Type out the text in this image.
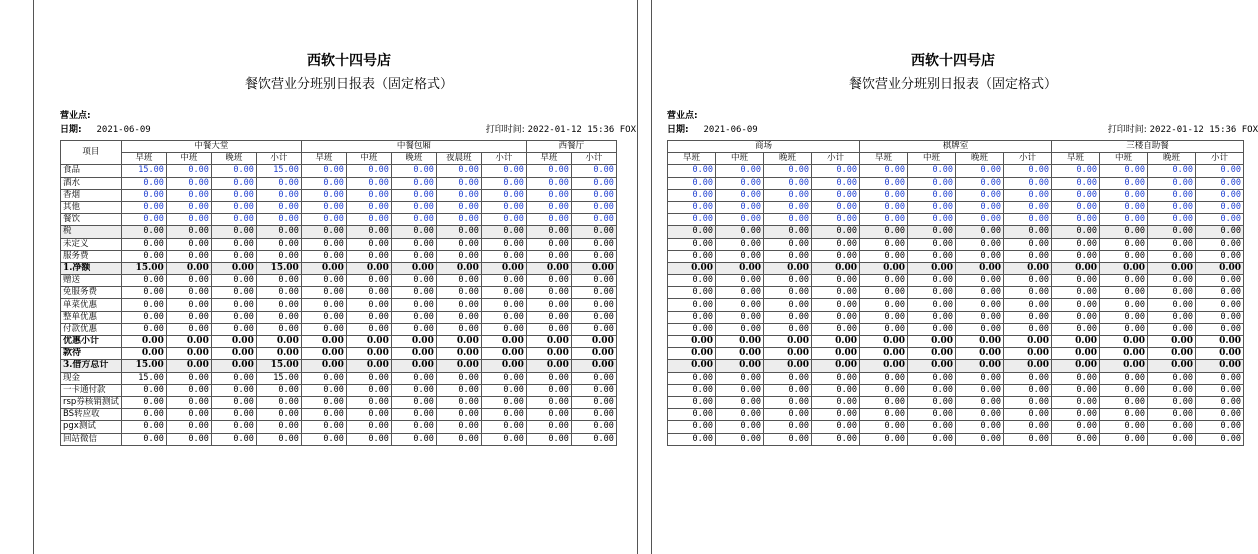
西软十四号店
餐饮营业分班别日报表（固定格式）
营业点:
日期: 2021-06-09	打印时间: 2022-01-12 15:36 FOX
项目	中餐大堂				中餐包厢					西餐厅	
	早班	中班	晚班	小计	早班	中班	晚班	夜晨班	小计	早班	小计
食品	15.00	0.00	0.00	15.00	0.00	0.00	0.00	0.00	0.00	0.00	0.00
酒水	0.00	0.00	0.00	0.00	0.00	0.00	0.00	0.00	0.00	0.00	0.00
香烟	0.00	0.00	0.00	0.00	0.00	0.00	0.00	0.00	0.00	0.00	0.00
其他	0.00	0.00	0.00	0.00	0.00	0.00	0.00	0.00	0.00	0.00	0.00
餐饮	0.00	0.00	0.00	0.00	0.00	0.00	0.00	0.00	0.00	0.00	0.00
税	0.00	0.00	0.00	0.00	0.00	0.00	0.00	0.00	0.00	0.00	0.00
未定义	0.00	0.00	0.00	0.00	0.00	0.00	0.00	0.00	0.00	0.00	0.00
服务费	0.00	0.00	0.00	0.00	0.00	0.00	0.00	0.00	0.00	0.00	0.00
1.净额	15.00	0.00	0.00	15.00	0.00	0.00	0.00	0.00	0.00	0.00	0.00
赠送	0.00	0.00	0.00	0.00	0.00	0.00	0.00	0.00	0.00	0.00	0.00
免服务费	0.00	0.00	0.00	0.00	0.00	0.00	0.00	0.00	0.00	0.00	0.00
单菜优惠	0.00	0.00	0.00	0.00	0.00	0.00	0.00	0.00	0.00	0.00	0.00
整单优惠	0.00	0.00	0.00	0.00	0.00	0.00	0.00	0.00	0.00	0.00	0.00
付款优惠	0.00	0.00	0.00	0.00	0.00	0.00	0.00	0.00	0.00	0.00	0.00
优惠小计	0.00	0.00	0.00	0.00	0.00	0.00	0.00	0.00	0.00	0.00	0.00
款待	0.00	0.00	0.00	0.00	0.00	0.00	0.00	0.00	0.00	0.00	0.00
3.借方总计	15.00	0.00	0.00	15.00	0.00	0.00	0.00	0.00	0.00	0.00	0.00
现金	15.00	0.00	0.00	15.00	0.00	0.00	0.00	0.00	0.00	0.00	0.00
一卡通付款	0.00	0.00	0.00	0.00	0.00	0.00	0.00	0.00	0.00	0.00	0.00
rsp券核销测试	0.00	0.00	0.00	0.00	0.00	0.00	0.00	0.00	0.00	0.00	0.00
BS转应收	0.00	0.00	0.00	0.00	0.00	0.00	0.00	0.00	0.00	0.00	0.00
pgx测试	0.00	0.00	0.00	0.00	0.00	0.00	0.00	0.00	0.00	0.00	0.00
回站微信	0.00	0.00	0.00	0.00	0.00	0.00	0.00	0.00	0.00	0.00	0.00
西软十四号店
餐饮营业分班别日报表（固定格式）
营业点:
日期: 2021-06-09	打印时间: 2022-01-12 15:36 FOX
商场				棋牌室				三楼自助餐			
早班	中班	晚班	小计	早班	中班	晚班	小计	早班	中班	晚班	小计
0.00	0.00	0.00	0.00	0.00	0.00	0.00	0.00	0.00	0.00	0.00	0.00
0.00	0.00	0.00	0.00	0.00	0.00	0.00	0.00	0.00	0.00	0.00	0.00
0.00	0.00	0.00	0.00	0.00	0.00	0.00	0.00	0.00	0.00	0.00	0.00
0.00	0.00	0.00	0.00	0.00	0.00	0.00	0.00	0.00	0.00	0.00	0.00
0.00	0.00	0.00	0.00	0.00	0.00	0.00	0.00	0.00	0.00	0.00	0.00
0.00	0.00	0.00	0.00	0.00	0.00	0.00	0.00	0.00	0.00	0.00	0.00
0.00	0.00	0.00	0.00	0.00	0.00	0.00	0.00	0.00	0.00	0.00	0.00
0.00	0.00	0.00	0.00	0.00	0.00	0.00	0.00	0.00	0.00	0.00	0.00
0.00	0.00	0.00	0.00	0.00	0.00	0.00	0.00	0.00	0.00	0.00	0.00
0.00	0.00	0.00	0.00	0.00	0.00	0.00	0.00	0.00	0.00	0.00	0.00
0.00	0.00	0.00	0.00	0.00	0.00	0.00	0.00	0.00	0.00	0.00	0.00
0.00	0.00	0.00	0.00	0.00	0.00	0.00	0.00	0.00	0.00	0.00	0.00
0.00	0.00	0.00	0.00	0.00	0.00	0.00	0.00	0.00	0.00	0.00	0.00
0.00	0.00	0.00	0.00	0.00	0.00	0.00	0.00	0.00	0.00	0.00	0.00
0.00	0.00	0.00	0.00	0.00	0.00	0.00	0.00	0.00	0.00	0.00	0.00
0.00	0.00	0.00	0.00	0.00	0.00	0.00	0.00	0.00	0.00	0.00	0.00
0.00	0.00	0.00	0.00	0.00	0.00	0.00	0.00	0.00	0.00	0.00	0.00
0.00	0.00	0.00	0.00	0.00	0.00	0.00	0.00	0.00	0.00	0.00	0.00
0.00	0.00	0.00	0.00	0.00	0.00	0.00	0.00	0.00	0.00	0.00	0.00
0.00	0.00	0.00	0.00	0.00	0.00	0.00	0.00	0.00	0.00	0.00	0.00
0.00	0.00	0.00	0.00	0.00	0.00	0.00	0.00	0.00	0.00	0.00	0.00
0.00	0.00	0.00	0.00	0.00	0.00	0.00	0.00	0.00	0.00	0.00	0.00
0.00	0.00	0.00	0.00	0.00	0.00	0.00	0.00	0.00	0.00	0.00	0.00
